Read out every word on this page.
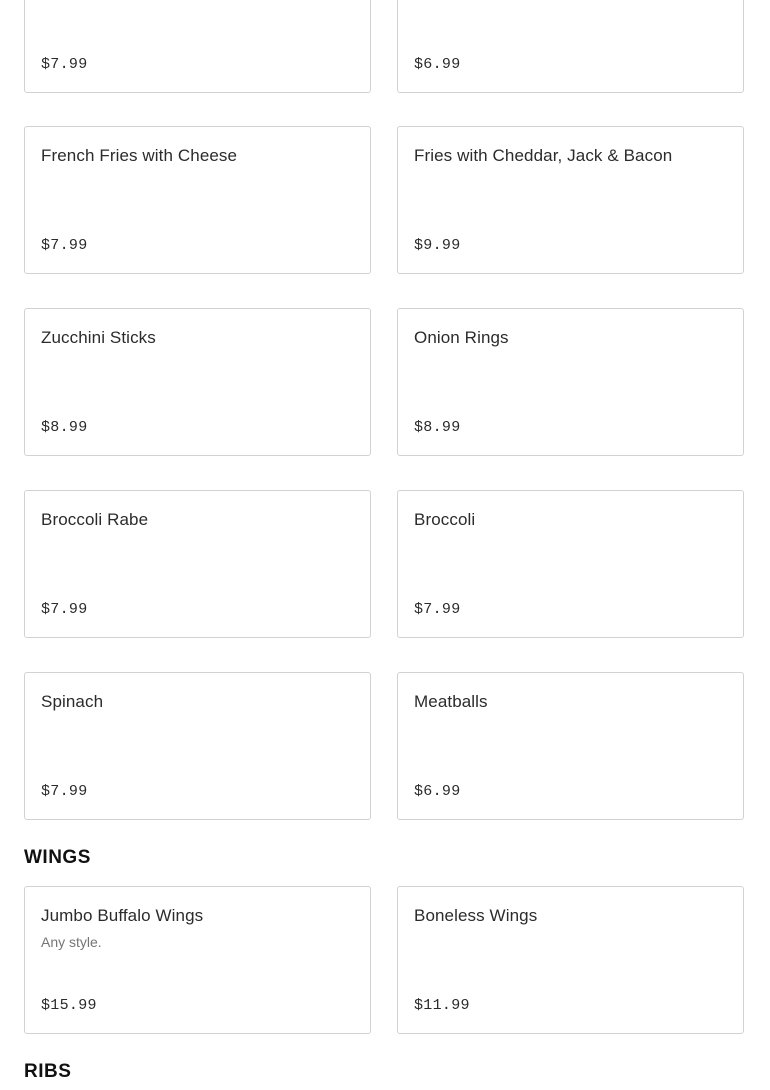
$7.99	$6.99
French Fries with Cheese
$7.99
Fries with Cheddar, Jack & Bacon
$9.99
Zucchini Sticks
$8.99
Onion Rings
$8.99
Broccoli Rabe
$7.99
Broccoli
$7.99
Spinach
$7.99
Meatballs
$6.99
WINGS
Jumbo Buffalo Wings
Any style.
$15.99
Boneless Wings
$11.99
RIBS
